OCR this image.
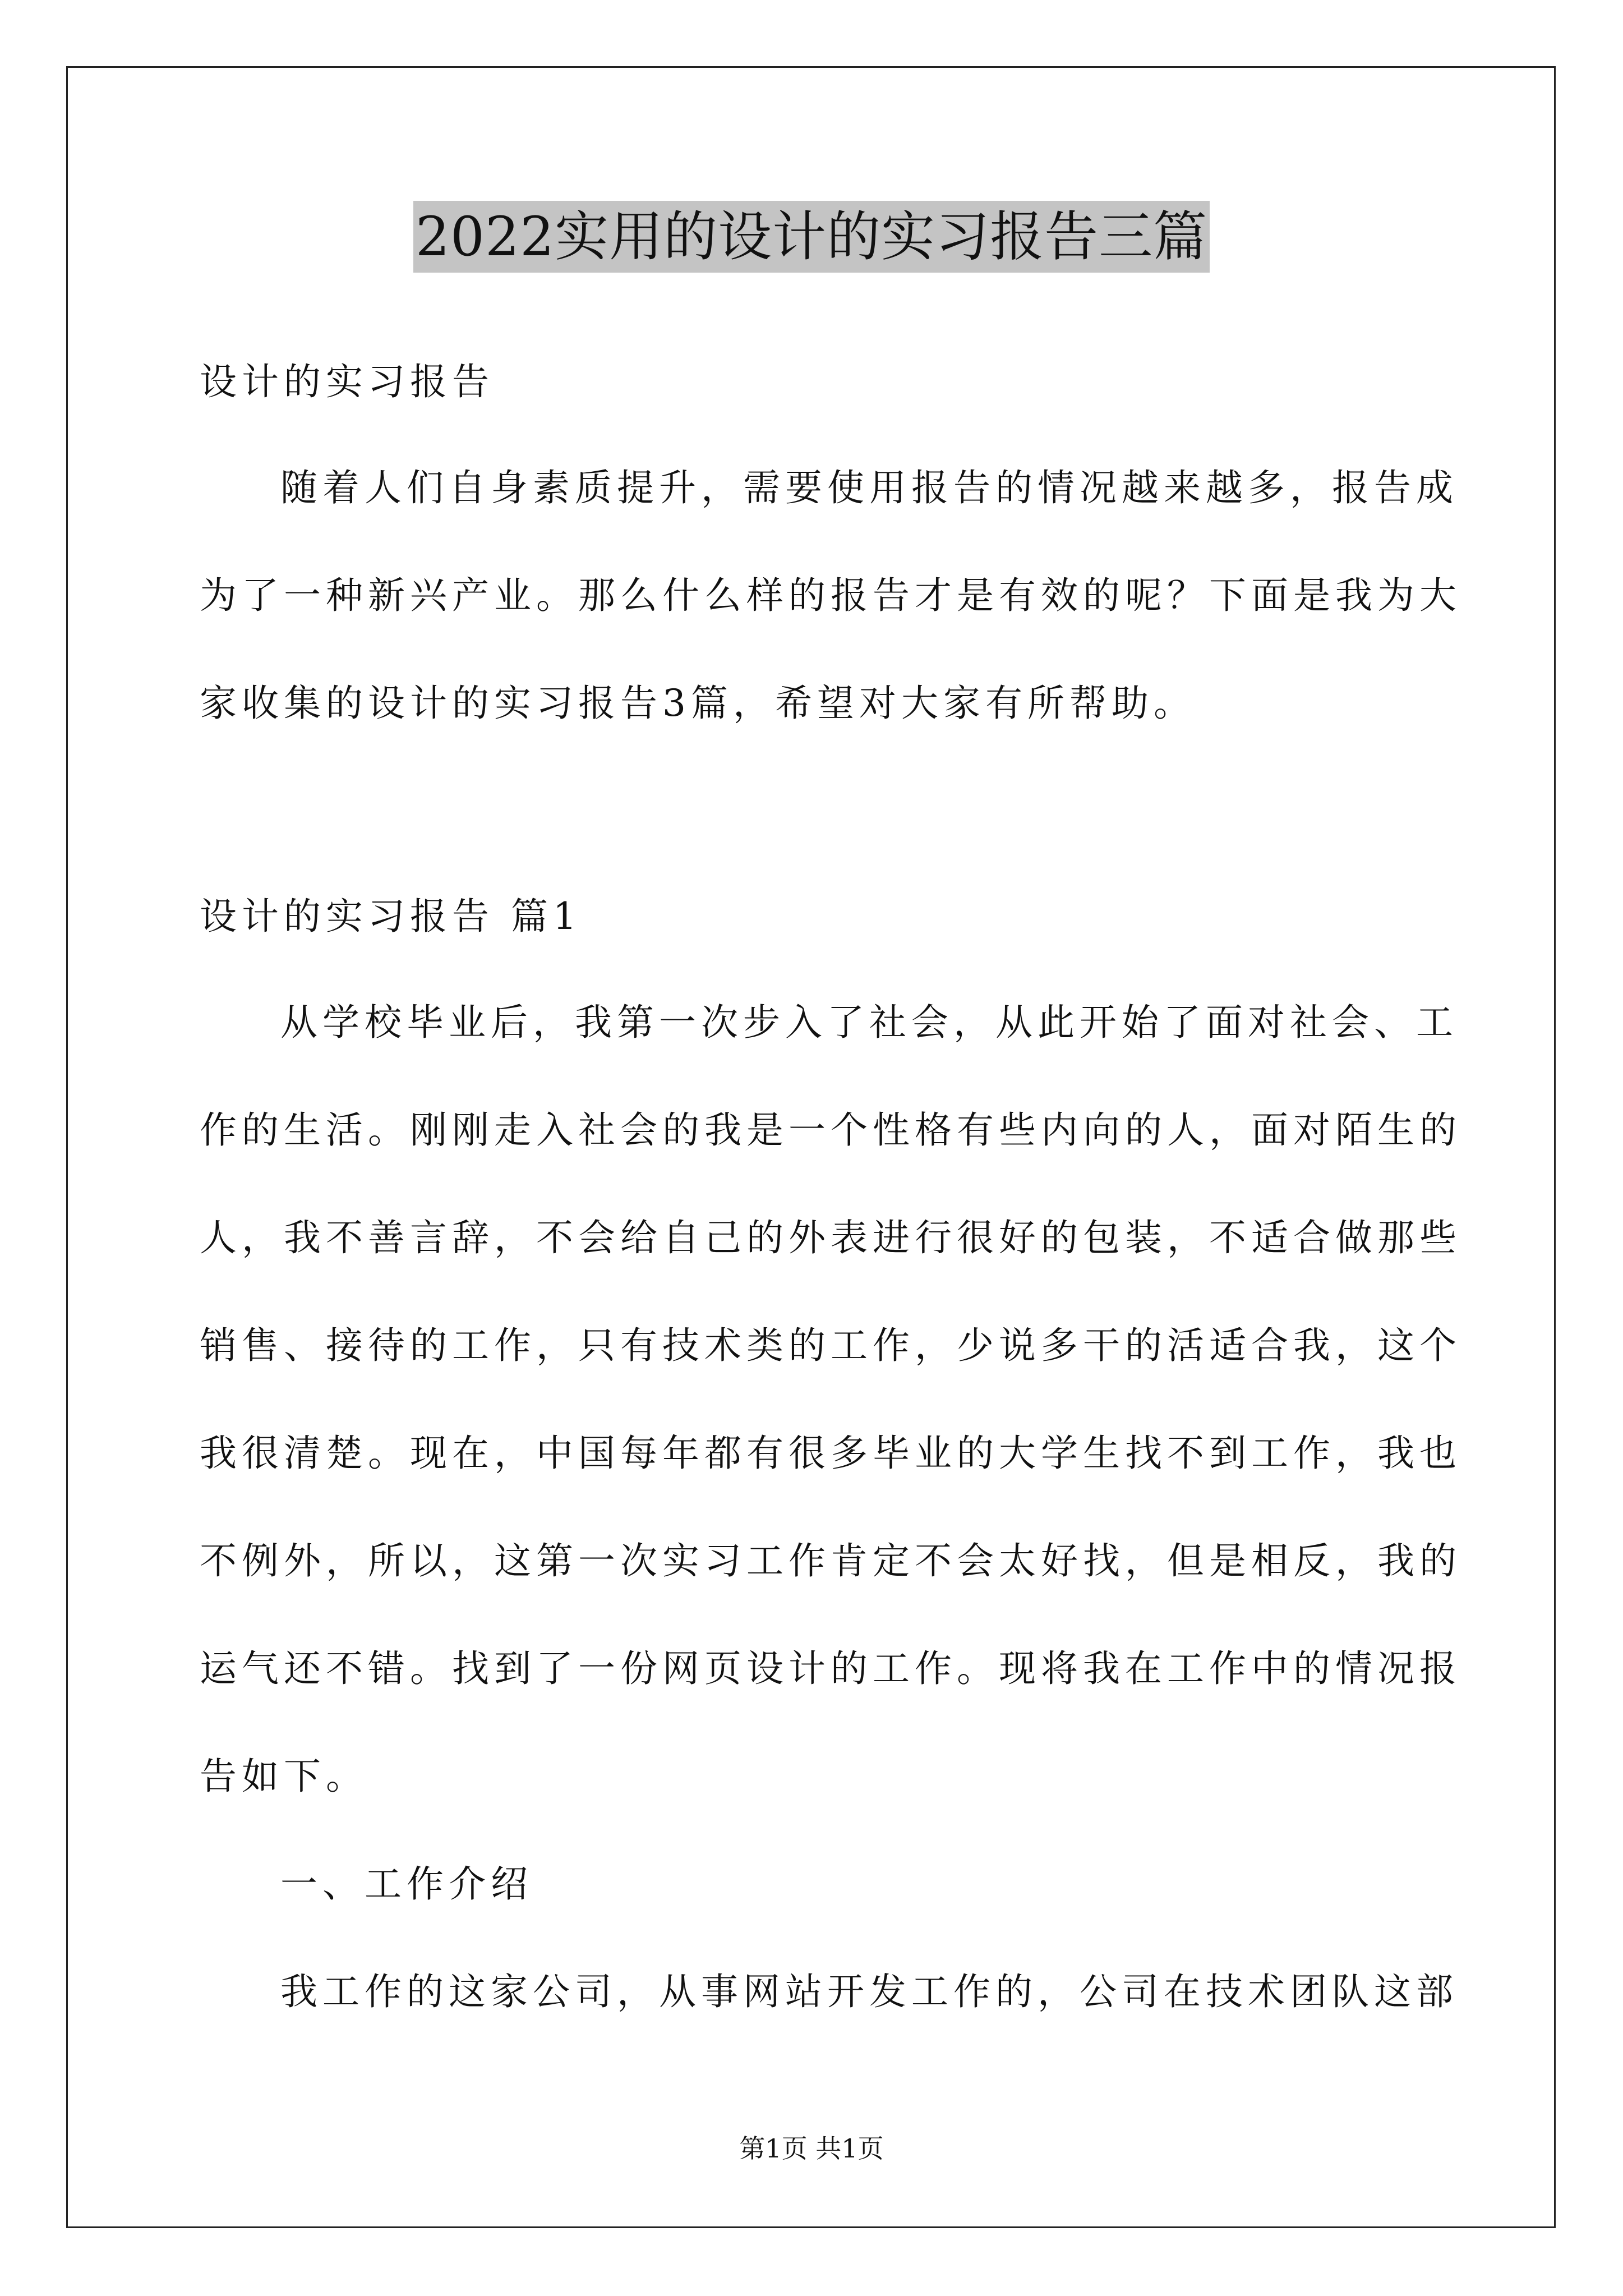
2022实用的设计的实习报告三篇
设计的实习报告
随着人们自身素质提升，需要使用报告的情况越来越多，报告成
为了一种新兴产业。那么什么样的报告才是有效的呢？下面是我为大
家收集的设计的实习报告3篇，希望对大家有所帮助。
设计的实习报告 篇1
从学校毕业后，我第一次步入了社会，从此开始了面对社会、工
作的生活。刚刚走入社会的我是一个性格有些内向的人，面对陌生的
人，我不善言辞，不会给自己的外表进行很好的包装，不适合做那些
销售、接待的工作，只有技术类的工作，少说多干的活适合我，这个
我很清楚。现在，中国每年都有很多毕业的大学生找不到工作，我也
不例外，所以，这第一次实习工作肯定不会太好找，但是相反，我的
运气还不错。找到了一份网页设计的工作。现将我在工作中的情况报
告如下。
一、工作介绍
我工作的这家公司，从事网站开发工作的，公司在技术团队这部
第1页 共1页
